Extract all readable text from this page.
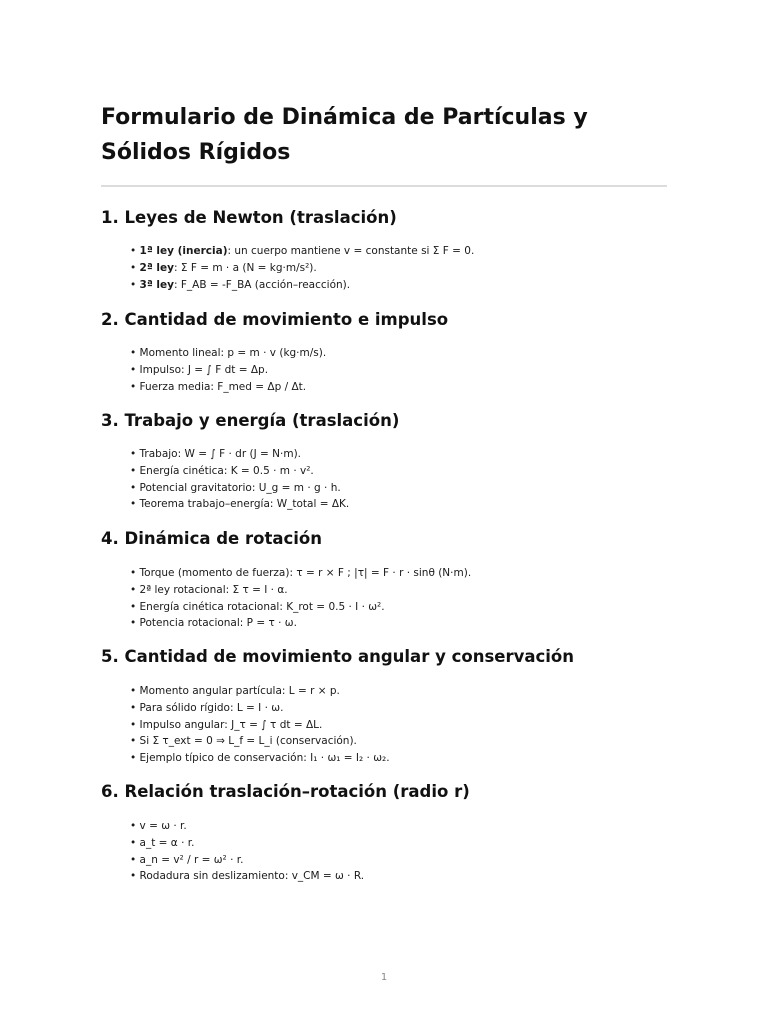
Formulario de Dinámica de Partículas y Sólidos Rígidos
1. Leyes de Newton (traslación)
• 1ª ley (inercia): un cuerpo mantiene v = constante si Σ F = 0.
• 2ª ley: Σ F = m · a (N = kg·m/s²).
• 3ª ley: F_AB = -F_BA (acción–reacción).
2. Cantidad de movimiento e impulso
• Momento lineal: p = m · v (kg·m/s).
• Impulso: J = ∫ F dt = Δp.
• Fuerza media: F_med = Δp / Δt.
3. Trabajo y energía (traslación)
• Trabajo: W = ∫ F · dr (J = N·m).
• Energía cinética: K = 0.5 · m · v².
• Potencial gravitatorio: U_g = m · g · h.
• Teorema trabajo–energía: W_total = ΔK.
4. Dinámica de rotación
• Torque (momento de fuerza): τ = r × F ; |τ| = F · r · sinθ (N·m).
• 2ª ley rotacional: Σ τ = I · α.
• Energía cinética rotacional: K_rot = 0.5 · I · ω².
• Potencia rotacional: P = τ · ω.
5. Cantidad de movimiento angular y conservación
• Momento angular partícula: L = r × p.
• Para sólido rígido: L = I · ω.
• Impulso angular: J_τ = ∫ τ dt = ΔL.
• Si Σ τ_ext = 0 ⇒ L_f = L_i (conservación).
• Ejemplo típico de conservación: I₁ · ω₁ = I₂ · ω₂.
6. Relación traslación–rotación (radio r)
• v = ω · r.
• a_t = α · r.
• a_n = v² / r = ω² · r.
• Rodadura sin deslizamiento: v_CM = ω · R.
1
